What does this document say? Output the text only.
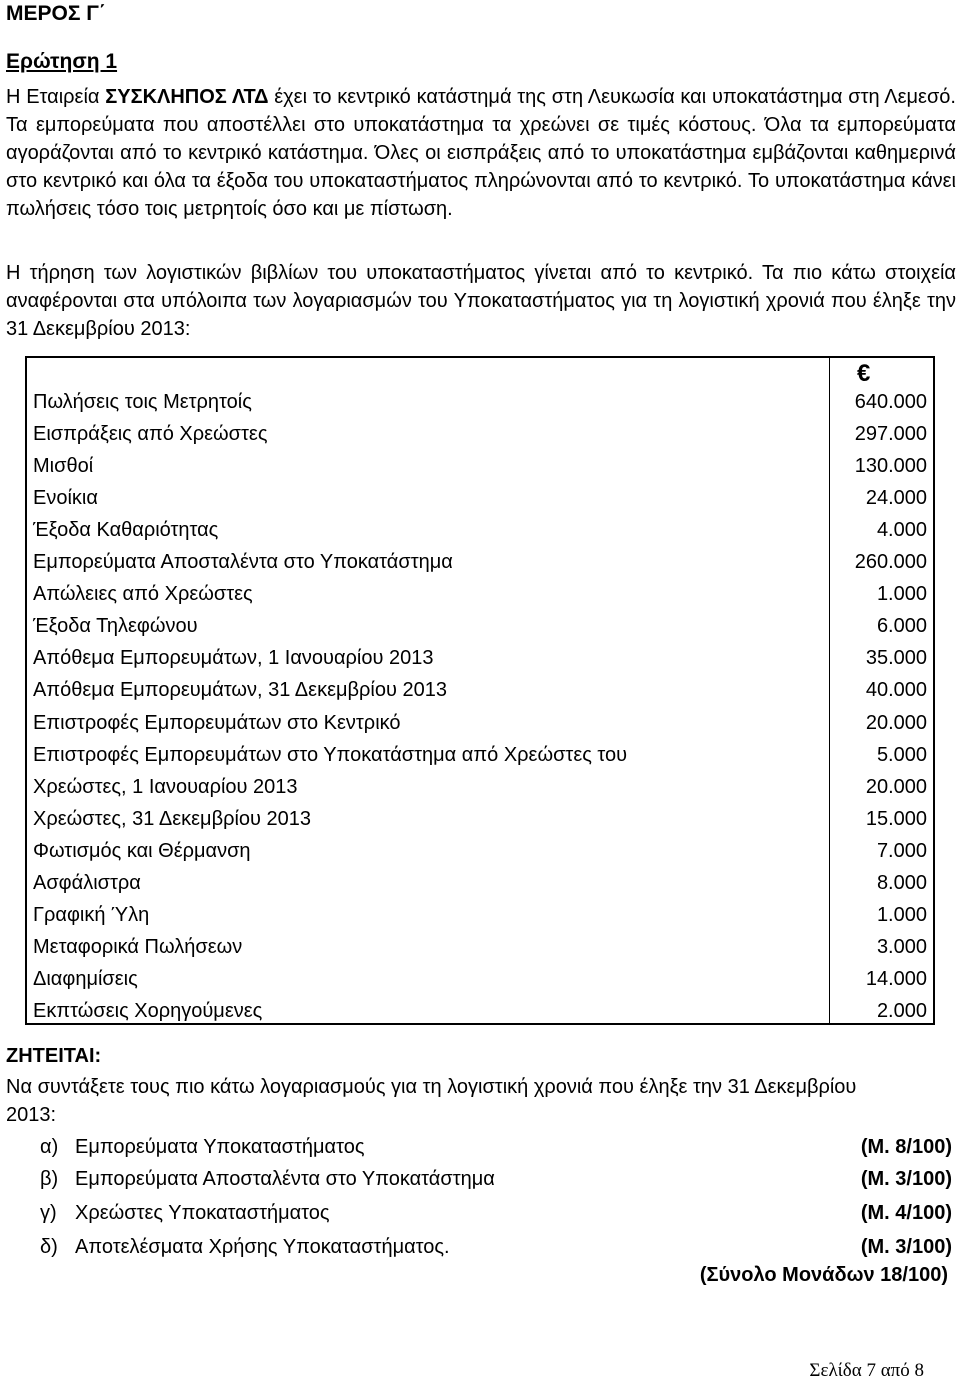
ΜΕΡΟΣ Γ΄
Ερώτηση 1

Η Εταιρεία ΣΥΣΚΛΗΠΟΣ ΛΤΔ έχει το κεντρικό κατάστημά της στη Λευκωσία και υποκατάστημα στη Λεμεσό. Τα εμπορεύματα που αποστέλλει στο υποκατάστημα τα χρεώνει σε τιμές κόστους. Όλα τα εμπορεύματα αγοράζονται από το κεντρικό κατάστημα. Όλες οι εισπράξεις από το υποκατάστημα εμβάζονται καθημερινά στο κεντρικό και όλα τα έξοδα του υποκαταστήματος πληρώνονται από το κεντρικό. Το υποκατάστημα κάνει πωλήσεις τόσο τοις μετρητοίς όσο και με πίστωση.

Η τήρηση των λογιστικών βιβλίων του υποκαταστήματος γίνεται από το κεντρικό. Τα πιο κάτω στοιχεία αναφέρονται στα υπόλοιπα των λογαριασμών του Υποκαταστήματος για τη λογιστική χρονιά που έληξε την 31 Δεκεμβρίου 2013:

€
Πωλήσεις τοις Μετρητοίς	640.000
Εισπράξεις από Χρεώστες	297.000
Μισθοί	130.000
Ενοίκια	24.000
Έξοδα Καθαριότητας	4.000
Εμπορεύματα Αποσταλέντα στο Υποκατάστημα	260.000
Απώλειες από Χρεώστες	1.000
Έξοδα Τηλεφώνου	6.000
Απόθεμα Εμπορευμάτων, 1 Ιανουαρίου 2013	35.000
Απόθεμα Εμπορευμάτων, 31 Δεκεμβρίου 2013	40.000
Επιστροφές Εμπορευμάτων στο Κεντρικό	20.000
Επιστροφές Εμπορευμάτων στο Υποκατάστημα από Χρεώστες του	5.000
Χρεώστες, 1 Ιανουαρίου 2013	20.000
Χρεώστες, 31 Δεκεμβρίου 2013	15.000
Φωτισμός και Θέρμανση	7.000
Ασφάλιστρα	8.000
Γραφική Ύλη	1.000
Μεταφορικά Πωλήσεων	3.000
Διαφημίσεις	14.000
Εκπτώσεις Χορηγούμενες	2.000
ΖΗΤΕΙΤΑΙ:
Να συντάξετε τους πιο κάτω λογαριασμούς για τη λογιστική χρονιά που έληξε την 31 Δεκεμβρίου 2013:
α) Εμπορεύματα Υποκαταστήματος	(Μ. 8/100)
β) Εμπορεύματα Αποσταλέντα στο Υποκατάστημα	(Μ. 3/100)
γ) Χρεώστες Υποκαταστήματος	(Μ. 4/100)
δ) Αποτελέσματα Χρήσης Υποκαταστήματος.	(Μ. 3/100)
(Σύνολο Μονάδων 18/100)
Σελίδα 7 από 8
